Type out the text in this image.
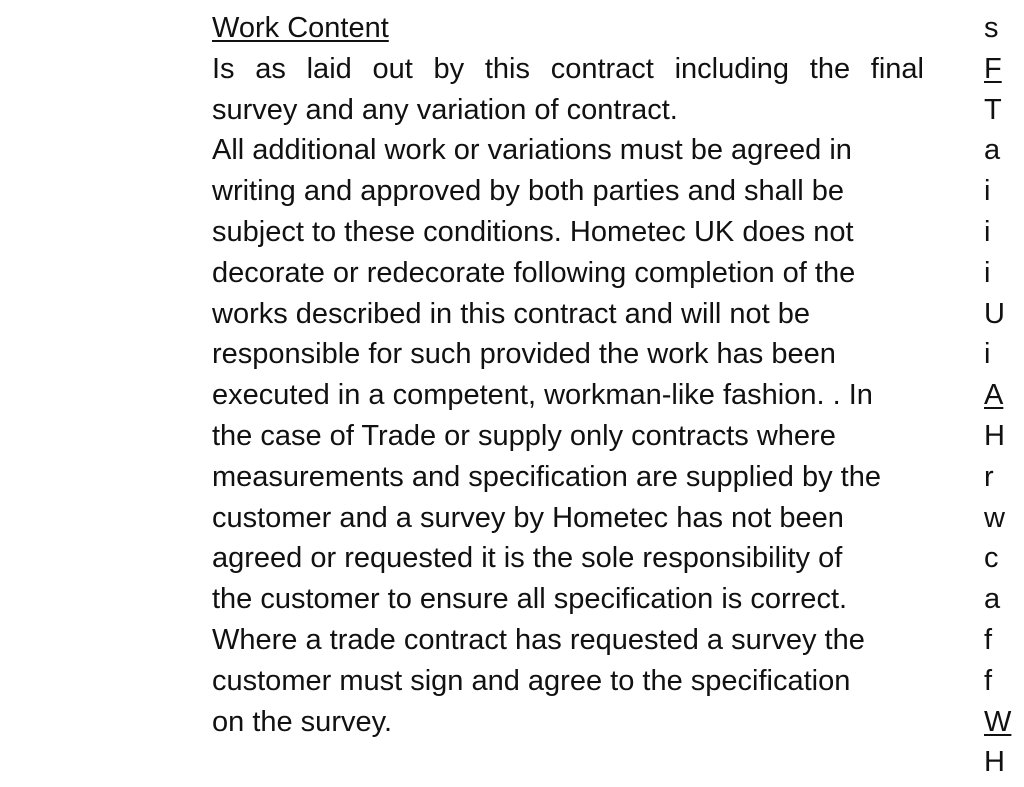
Work Content
Is as laid out by this contract including the final
survey and any variation of contract.
All additional work or variations must be agreed in
writing and approved by both parties and shall be
subject to these conditions. Hometec UK does not
decorate or redecorate following completion of the
works described in this contract and will not be
responsible for such provided the work has been
executed in a competent, workman-like fashion. . In
the case of Trade or supply only contracts where
measurements and specification are supplied by the
customer and a survey by Hometec has not been
agreed or requested it is the sole responsibility of
the customer to ensure all specification is correct.
Where a trade contract has requested a survey the
customer must sign and agree to the specification
on the survey.
s
F
T
a
i
i
i
U
i
A
H
r
w
c
a
f
f
W
H
